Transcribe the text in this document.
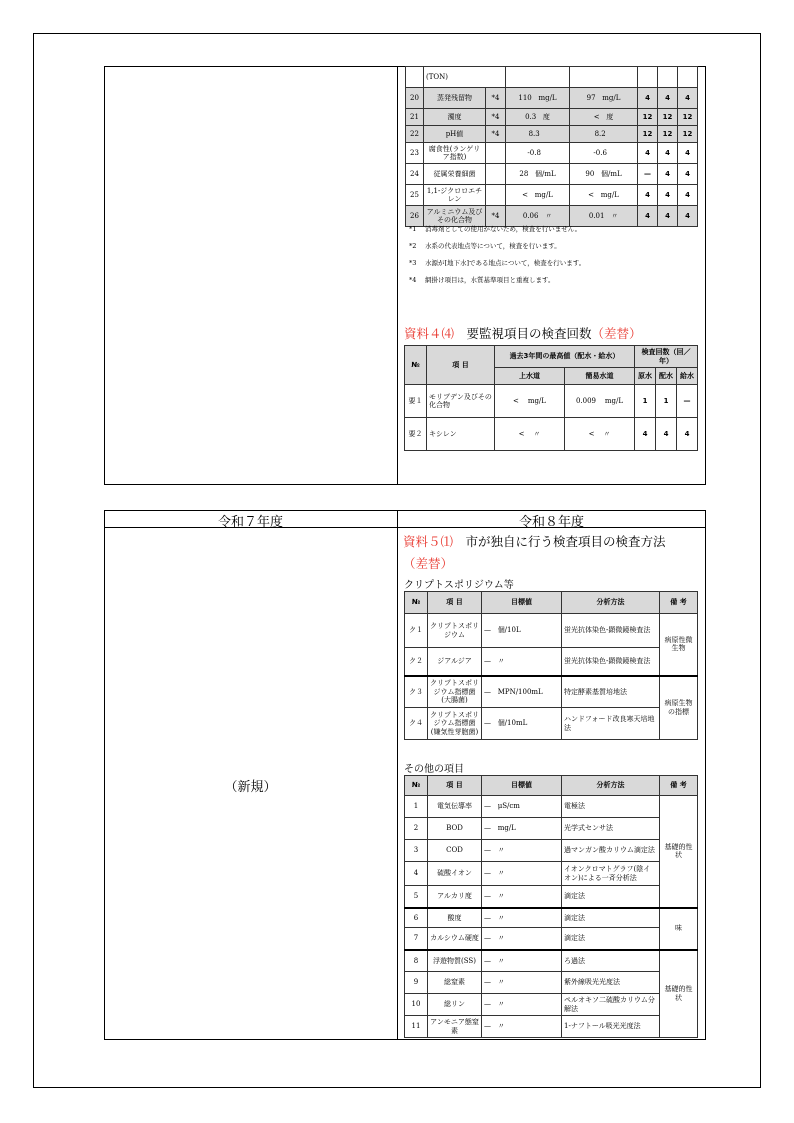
	(TON)						
20	蒸発残留物	*4	110 mg/L	97 mg/L	4	4	4
21	濁度	*4	0.3 度	< 度	12	12	12
22	pH値	*4	8.3	8.2	12	12	12
23	腐食性(ランゲリア指数)		-0.8	-0.6	4	4	4
24	従属栄養細菌		28 個/mL	90 個/mL	—	4	4
25	1,1-ジクロロエチレン		< mg/L	< mg/L	4	4	4
26	アルミニウム及びその化合物	*4	0.06 〃	0.01 〃	4	4	4
*1　 消毒剤としての使用がないため，検査を行いません。
*2　 水系の代表地点等について，検査を行います。
*3　 水源が[地下水]である地点について，検査を行います。
*4　 網掛け項目は，水質基準項目と重複します。
資料４⑷　 要監視項目の検査回数（差替）
№	項 目	過去3年間の最高値（配水・給水）		検査回数（回／年）		
		上水道	簡易水道	原水	配水	給水
要１	モリブデン及びその化合物	< mg/L	0.009 mg/L	1	1	—
要２	キシレン	< 〃	< 〃	4	4	4
令和７年度	令和８年度
（新規）
資料５⑴　 市が独自に行う検査項目の検査方法
（差替）
クリプトスポリジウム等
№	項 目	目標値	分析方法	備 考
ク１	クリプトスポリジウム	— 個/10L	蛍光抗体染色-顕微鏡検査法	病原性微生物
ク２	ジアルジア	— 〃	蛍光抗体染色-顕微鏡検査法	
ク３	クリプトスポリジウム指標菌(大腸菌)	— MPN/100mL	特定酵素基質培地法	病原生物の指標
ク４	クリプトスポリジウム指標菌(嫌気性芽胞菌)	— 個/10mL	ハンドフォード改良寒天培地法	
その他の項目
№	項 目	目標値	分析方法	備 考
1	電気伝導率	— μS/cm	電極法	基礎的性状
2	BOD	— mg/L	光学式センサ法	
3	COD	— 〃	過マンガン酸カリウム滴定法	
4	硫酸イオン	— 〃	イオンクロマトグラフ(陰イオン)による一斉分析法	
5	アルカリ度	— 〃	滴定法	
6	酸度	— 〃	滴定法	味
7	カルシウム硬度	— 〃	滴定法	
8	浮遊物質(SS)	— 〃	ろ過法	基礎的性状
9	総窒素	— 〃	紫外線吸光光度法	
10	総リン	— 〃	ペルオキソ二硫酸カリウム分解法	
11	アンモニア態窒素	— 〃	1-ナフトール吸光光度法	
